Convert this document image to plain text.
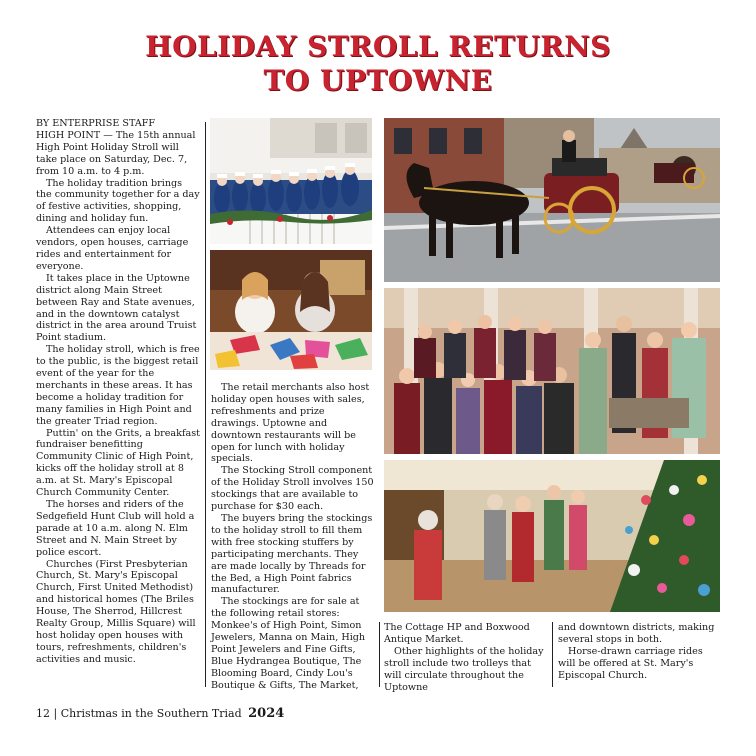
HOLIDAY STROLL RETURNS
TO UPTOWNE

BY ENTERPRISE STAFF

HIGH POINT — The 15th annual High Point Holiday Stroll will take place on Saturday, Dec. 7, from 10 a.m. to 4 p.m.

The holiday tradition brings the community together for a day of festive activities, shopping, dining and holiday fun.

Attendees can enjoy local vendors, open houses, carriage rides and entertainment for everyone.

It takes place in the Uptowne district along Main Street between Ray and State avenues, and in the downtown catalyst district in the area around Truist Point stadium.

The holiday stroll, which is free to the public, is the biggest retail event of the year for the merchants in these areas. It has become a holiday tradition for many families in High Point and the greater Triad region.

Puttin' on the Grits, a breakfast fundraiser benefitting Community Clinic of High Point, kicks off the holiday stroll at 8 a.m. at St. Mary's Episcopal Church Community Center.

The horses and riders of the Sedgefield Hunt Club will hold a parade at 10 a.m. along N. Elm Street and N. Main Street by police escort.

Churches (First Presbyterian Church, St. Mary's Episcopal Church, First United Methodist) and historical homes (The Briles House, The Sherrod, Hillcrest Realty Group, Millis Square) will host holiday open houses with tours, refreshments, children's activities and music.

The retail merchants also host holiday open houses with sales, refreshments and prize drawings. Uptowne and downtown restaurants will be open for lunch with holiday specials.

The Stocking Stroll component of the Holiday Stroll involves 150 stockings that are available to purchase for $30 each.

The buyers bring the stockings to the holiday stroll to fill them with free stocking stuffers by participating merchants. They are made locally by Threads for the Bed, a High Point fabrics manufacturer.

The stockings are for sale at the following retail stores: Monkee's of High Point, Simon Jewelers, Manna on Main, High Point Jewelers and Fine Gifts, Blue Hydrangea Boutique, The Blooming Board, Cindy Lou's Boutique & Gifts, The Market,

The Cottage HP and Boxwood Antique Market.

Other highlights of the holiday stroll include two trolleys that will circulate throughout the Uptowne

and downtown districts, making several stops in both.

Horse-drawn carriage rides will be offered at St. Mary's Episcopal Church.

12 | Christmas in the Southern Triad 2024
